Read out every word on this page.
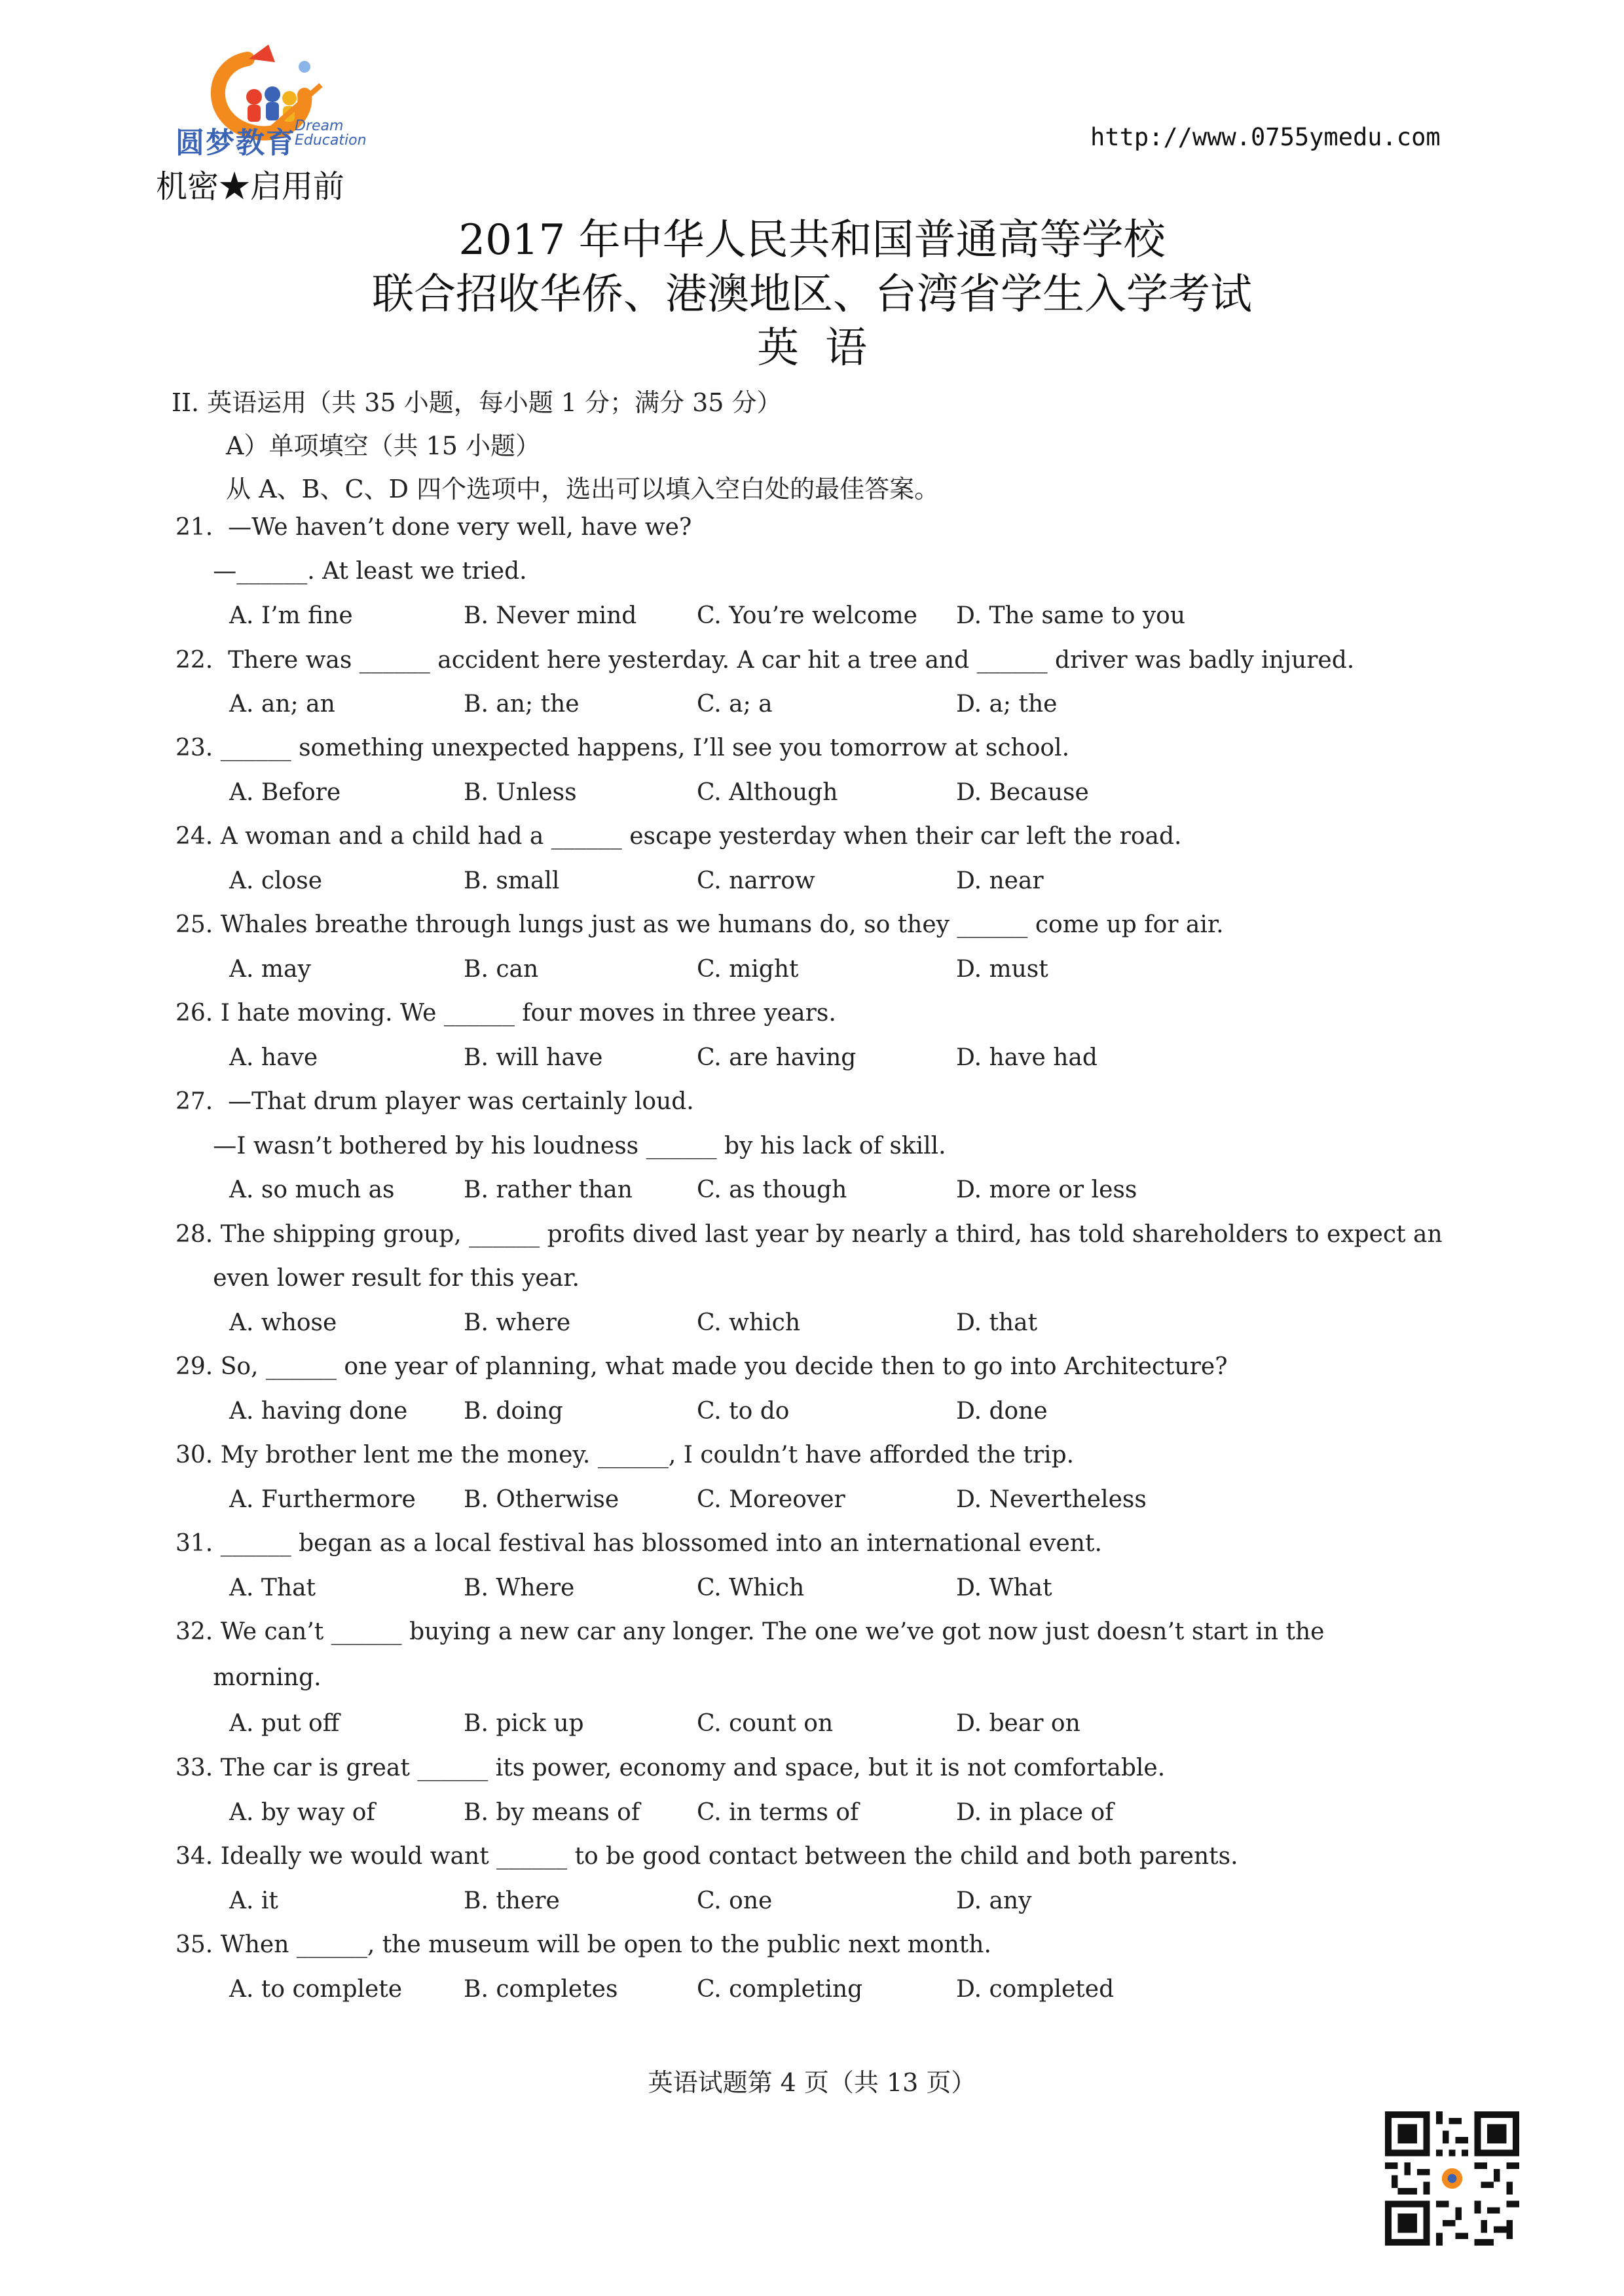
圆梦教育
Dream
Education	http://www.0755ymedu.com
机密★启用前
2017 年中华人民共和国普通高等学校
联合招收华侨、港澳地区、台湾省学生入学考试
英语
II. 英语运用（共 35 小题，每小题 1 分；满分 35 分）
A）单项填空（共 15 小题）
从 A、B、C、D 四个选项中，选出可以填入空白处的最佳答案。
21.  —We haven’t done very well, have we?
—______. At least we tried.
A. I’m fine	B. Never mind	C. You’re welcome D. The same to you
22.  There was ______ accident here yesterday. A car hit a tree and ______ driver was badly injured.
A. an; an	B. an; the	C. a; a	D. a; the
23. ______ something unexpected happens, I’ll see you tomorrow at school.
A. Before	B. Unless	C. Although	D. Because
24. A woman and a child had a ______ escape yesterday when their car left the road.
A. close	B. small	C. narrow	D. near
25. Whales breathe through lungs just as we humans do, so they ______ come up for air.
A. may	B. can	C. might	D. must
26. I hate moving. We ______ four moves in three years.
A. have	B. will have	C. are having	D. have had
27.  —That drum player was certainly loud.
—I wasn’t bothered by his loudness ______ by his lack of skill.
A. so much as	B. rather than	C. as though	D. more or less
28. The shipping group, ______ profits dived last year by nearly a third, has told shareholders to expect an
even lower result for this year.
A. whose	B. where	C. which	D. that
29. So, ______ one year of planning, what made you decide then to go into Architecture?
A. having done B. doing	C. to do	D. done
30. My brother lent me the money. ______, I couldn’t have afforded the trip.
A. Furthermore B. Otherwise	C. Moreover	D. Nevertheless
31. ______ began as a local festival has blossomed into an international event.
A. That	B. Where	C. Which	D. What
32. We can’t ______ buying a new car any longer. The one we’ve got now just doesn’t start in the
morning.
A. put off	B. pick up	C. count on	D. bear on
33. The car is great ______ its power, economy and space, but it is not comfortable.
A. by way of	B. by means of C. in terms of	D. in place of
34. Ideally we would want ______ to be good contact between the child and both parents.
A. it	B. there	C. one	D. any
35. When ______, the museum will be open to the public next month.
A. to complete	B. completes	C. completing	D. completed
英语试题第 4 页（共 13 页）
